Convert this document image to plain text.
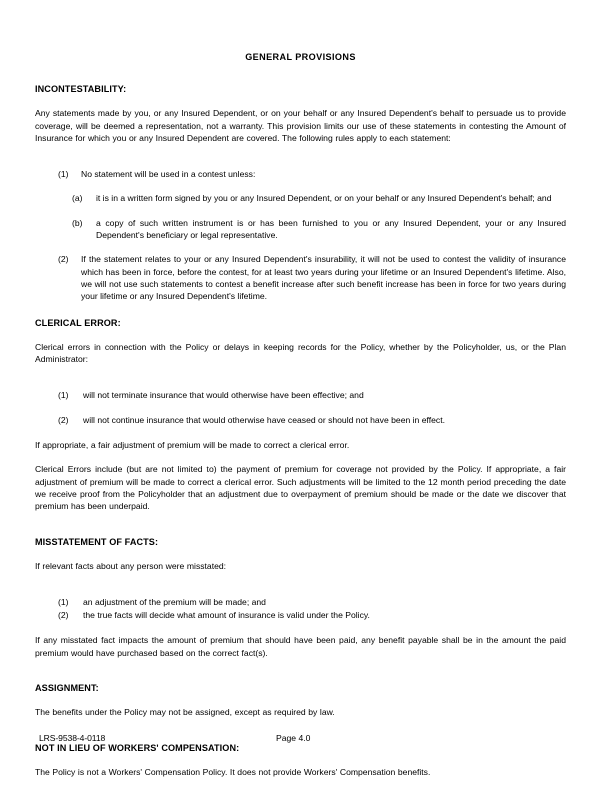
GENERAL PROVISIONS
INCONTESTABILITY:

Any statements made by you, or any Insured Dependent, or on your behalf or any Insured Dependent's behalf to persuade us to provide coverage, will be deemed a representation, not a warranty. This provision limits our use of these statements in contesting the Amount of Insurance for which you or any Insured Dependent are covered. The following rules apply to each statement:

(1) No statement will be used in a contest unless:
(a) it is in a written form signed by you or any Insured Dependent, or on your behalf or any Insured Dependent's behalf; and
(b) a copy of such written instrument is or has been furnished to you or any Insured Dependent, your or any Insured Dependent's beneficiary or legal representative.
(2) If the statement relates to your or any Insured Dependent's insurability, it will not be used to contest the validity of insurance which has been in force, before the contest, for at least two years during your lifetime or an Insured Dependent's lifetime. Also, we will not use such statements to contest a benefit increase after such benefit increase has been in force for two years during your lifetime or any Insured Dependent's lifetime.
CLERICAL ERROR:

Clerical errors in connection with the Policy or delays in keeping records for the Policy, whether by the Policyholder, us, or the Plan Administrator:

(1) will not terminate insurance that would otherwise have been effective; and
(2) will not continue insurance that would otherwise have ceased or should not have been in effect.

If appropriate, a fair adjustment of premium will be made to correct a clerical error.

Clerical Errors include (but are not limited to) the payment of premium for coverage not provided by the Policy. If appropriate, a fair adjustment of premium will be made to correct a clerical error. Such adjustments will be limited to the 12 month period preceding the date we receive proof from the Policyholder that an adjustment due to overpayment of premium should be made or the date we discover that premium has been underpaid.

MISSTATEMENT OF FACTS:

If relevant facts about any person were misstated:

(1) an adjustment of the premium will be made; and
(2) the true facts will decide what amount of insurance is valid under the Policy.

If any misstated fact impacts the amount of premium that should have been paid, any benefit payable shall be in the amount the paid premium would have purchased based on the correct fact(s).

ASSIGNMENT:

The benefits under the Policy may not be assigned, except as required by law.

NOT IN LIEU OF WORKERS' COMPENSATION:

The Policy is not a Workers' Compensation Policy. It does not provide Workers' Compensation benefits.

LRS-9538-4-0118	Page 4.0
